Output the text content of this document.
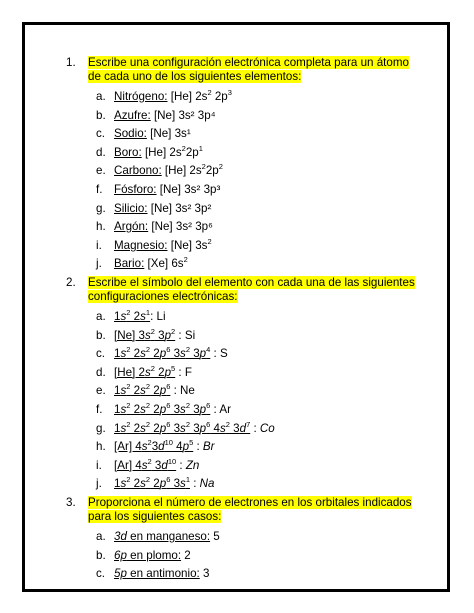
1. Escribe una configuración electrónica completa para un átomo de cada uno de los siguientes elementos:
a. Nitrógeno: [He] $2s^2$ $2p^3$
b. Azufre: [Ne] 3s² 3p⁴
c. Sodio: [Ne] 3s¹
d. Boro: [He] $2s^22p^1$
e. Carbono: [He] $2s^22p^2$
f. Fósforo: [Ne] 3s² 3p³
g. Silicio: [Ne] 3s² 3p²
h. Argón: [Ne] 3s² 3p⁶
i. Magnesio: [Ne] $3s^2$
j. Bario: [Xe] $6s^2$
2. Escribe el símbolo del elemento con cada una de las siguientes configuraciones electrónicas:
a. $1s^2$ $2s^1$: Li
b. [Ne] $3s^2$ $3p^2$ : Si
c. $1s^2$ $2s^2$ $2p^6$ $3s^2$ $3p^4$ : S
d. [He] $2s^2$ $2p^5$ : F
e. $1s^2$ $2s^2$ $2p^6$ : Ne
f. $1s^2$ $2s^2$ $2p^6$ $3s^2$ $3p^6$ : Ar
g. $1s^2$ $2s^2$ $2p^6$ $3s^2$ $3p^6$ $4s^2$ $3d^7$ : Co
h. [Ar] $4s^23d^{10}$ $4p^5$ : Br
i. [Ar] $4s^2$ $3d^{10}$ : Zn
j. $1s^2$ $2s^2$ $2p^6$ $3s^1$ : Na
3. Proporciona el número de electrones en los orbitales indicados para los siguientes casos:
a. 3d en manganeso: 5
b. 6p en plomo: 2
c. 5p en antimonio: 3
